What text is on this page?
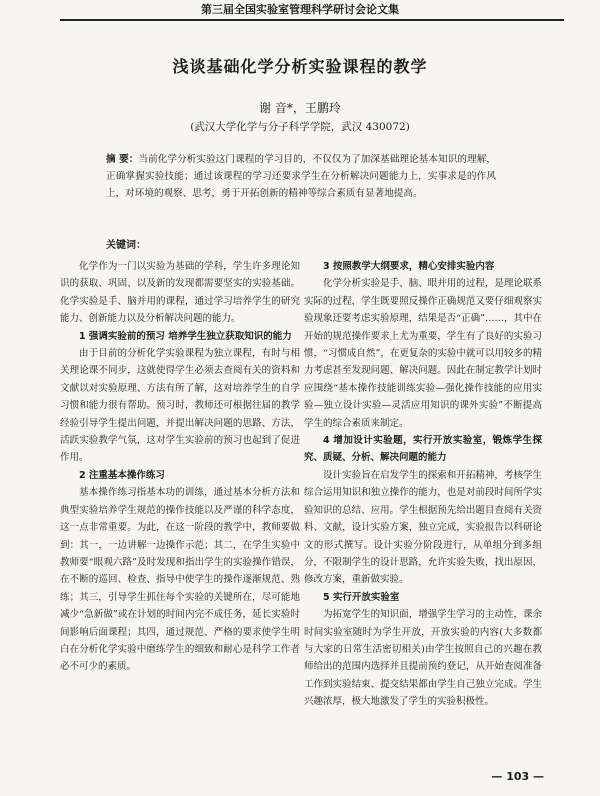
第三届全国实验室管理科学研讨会论文集
浅谈基础化学分析实验课程的教学
谢 音*，王鹏玲
(武汉大学化学与分子科学学院，武汉 430072)
摘 要：当前化学分析实验这门课程的学习目的，不仅仅为了加深基础理论基本知识的理解，正确掌握实验技能；通过该课程的学习还要求学生在分析解决问题能力上，实事求是的作风上，对环境的观察、思考，勇于开拓创新的精神等综合素质有显著地提高。
关键词：

化学作为一门以实验为基础的学科，学生许多理论知识的获取、巩固、以及新的发现都需要坚实的实验基础。化学实验是手、脑并用的课程，通过学习培养学生的研究能力、创新能力以及分析解决问题的能力。

1 强调实验前的预习 培养学生独立获取知识的能力

由于目前的分析化学实验课程为独立课程，有时与相关理论课不同步，这就使得学生必须去查阅有关的资料和文献以对实验原理、方法有所了解，这对培养学生的自学习惯和能力很有帮助。预习时，教师还可根据往届的教学经验引导学生提出问题，并提出解决问题的思路、方法，活跃实验教学气氛，这对学生实验前的预习也起到了促进作用。

2 注重基本操作练习

基本操作练习指基本功的训练，通过基本分析方法和典型实验培养学生规范的操作技能以及严谨的科学态度，这一点非常重要。为此，在这一阶段的教学中，教师要做到：其一，一边讲解一边操作示范；其二，在学生实验中教师要“眼观六路”及时发现和指出学生的实验操作错误，在不断的巡回、检查、指导中使学生的操作逐渐规范、熟练；其三，引导学生抓住每个实验的关键所在，尽可能地减少“急新做”或在计划的时间内完不成任务，延长实验时间影响后面课程；其四，通过规范、严格的要求使学生明白在分析化学实验中磨练学生的细致和耐心是科学工作者必不可少的素质。

3 按照教学大纲要求，精心安排实验内容

化学分析实验是手、脑、眼并用的过程，是理论联系实际的过程，学生既要照反操作正确规范又要仔细观察实验现象还要考虑实验原理，结果是否“正确”……，其中在开始的规范操作要求上尤为重要，学生有了良好的实验习惯，“习惯成自然”，在更复杂的实验中就可以用较多的精力考虑甚至发现问题、解决问题。因此在制定教学计划时应围绕“基本操作技能训练实验—强化操作技能的应用实验—独立设计实验—灵活应用知识的课外实验”不断提高学生的综合素质来制定。

4 增加设计实验题，实行开放实验室，锻炼学生探究、质疑、分析、解决问题的能力

设计实验旨在启发学生的探索和开拓精神，考核学生综合运用知识和独立操作的能力，也是对前段时间所学实验知识的总结、应用。学生根据预先给出题目查阅有关资料、文献，设计实验方案，独立完成，实验报告以科研论文的形式撰写。设计实验分阶段进行，从单组分到多组分，不限制学生的设计思路，允许实验失败，找出原因，修改方案，重新做实验。

5 实行开放实验室

为拓宽学生的知识面，增强学生学习的主动性，课余时间实验室随时为学生开放，开放实验的内容(大多数都与大家的日常生活密切相关)由学生按照自己的兴趣在教师给出的范围内选择并且提前预约登记，从开始查阅准备工作到实验结束、提交结果都由学生自己独立完成。学生兴趣浓厚，极大地激发了学生的实验积极性。

— 103 —
